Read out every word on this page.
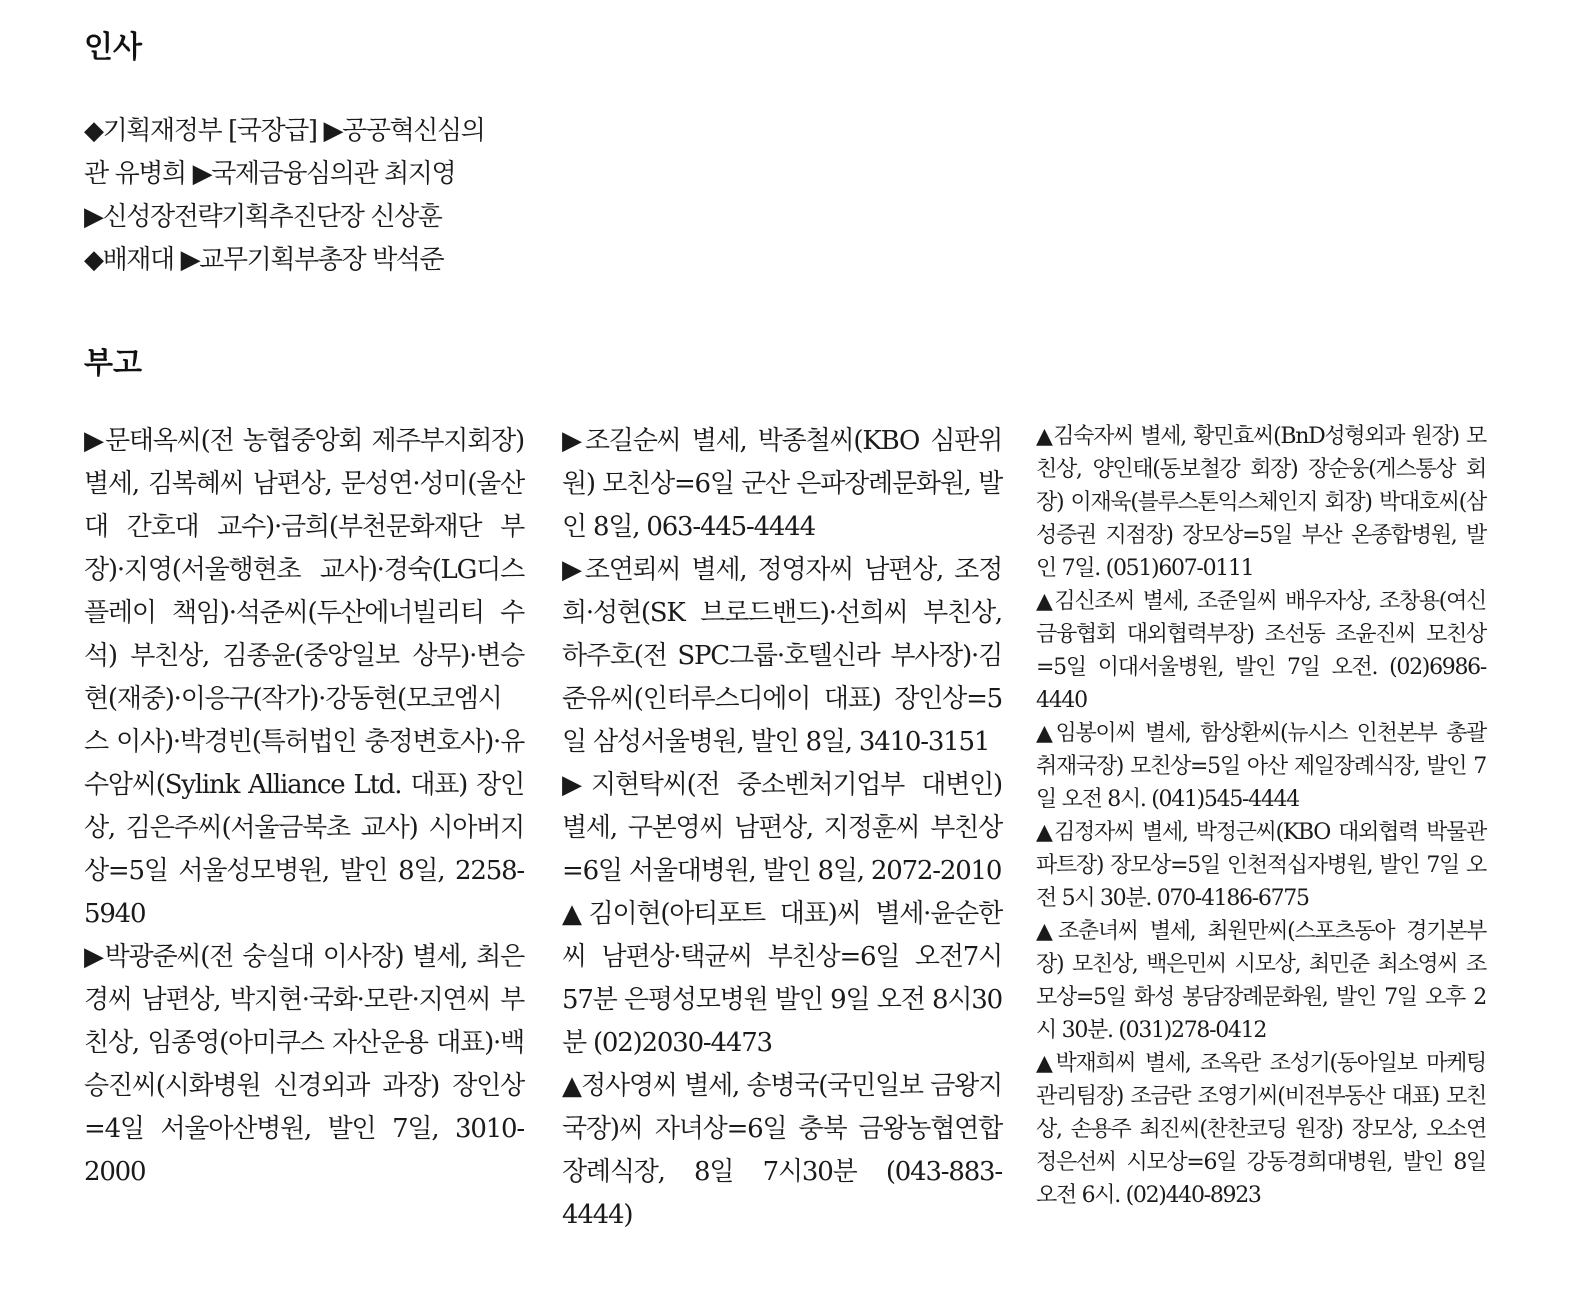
인사
◆기획재정부 [국장급] ▶공공혁신심의
관 유병희 ▶국제금융심의관 최지영
▶신성장전략기획추진단장 신상훈
◆배재대 ▶교무기획부총장 박석준
부고

▶문태옥씨(전 농협중앙회 제주부지회장) 별세, 김복혜씨 남편상, 문성연·성미(울산대 간호대 교수)·금희(부천문화재단 부장)·지영(서울행현초 교사)·경숙(LG디스플레이 책임)·석준씨(두산에너빌리티 수석) 부친상, 김종윤(중앙일보 상무)·변승현(재중)·이응구(작가)·강동현(모코엠시스 이사)·박경빈(특허법인 충정변호사)·유수암씨(Sylink Alliance Ltd. 대표) 장인상, 김은주씨(서울금북초 교사) 시아버지상=5일 서울성모병원, 발인 8일, 2258-5940

▶박광준씨(전 숭실대 이사장) 별세, 최은경씨 남편상, 박지현·국화·모란·지연씨 부친상, 임종영(아미쿠스 자산운용 대표)·백승진씨(시화병원 신경외과 과장) 장인상=4일 서울아산병원, 발인 7일, 3010-2000

▶조길순씨 별세, 박종철씨(KBO 심판위원) 모친상=6일 군산 은파장례문화원, 발인 8일, 063-445-4444

▶조연뢰씨 별세, 정영자씨 남편상, 조정희·성현(SK 브로드밴드)·선희씨 부친상, 하주호(전 SPC그룹·호텔신라 부사장)·김준유씨(인터루스디에이 대표) 장인상=5일 삼성서울병원, 발인 8일, 3410-3151

▶지현탁씨(전 중소벤처기업부 대변인) 별세, 구본영씨 남편상, 지정훈씨 부친상=6일 서울대병원, 발인 8일, 2072-2010

▲김이현(아티포트 대표)씨 별세·윤순한씨 남편상·택균씨 부친상=6일 오전7시57분 은평성모병원 발인 9일 오전 8시30분 (02)2030-4473

▲정사영씨 별세, 송병국(국민일보 금왕지국장)씨 자녀상=6일 충북 금왕농협연합장례식장, 8일 7시30분 (043-883-4444)

▲김숙자씨 별세, 황민효씨(BnD성형외과 원장) 모친상, 양인태(동보철강 회장) 장순웅(게스통상 회장) 이재욱(블루스톤익스체인지 회장) 박대호씨(삼성증권 지점장) 장모상=5일 부산 온종합병원, 발인 7일. (051)607-0111

▲김신조씨 별세, 조준일씨 배우자상, 조창용(여신금융협회 대외협력부장) 조선동 조윤진씨 모친상=5일 이대서울병원, 발인 7일 오전. (02)6986-4440

▲임봉이씨 별세, 함상환씨(뉴시스 인천본부 총괄취재국장) 모친상=5일 아산 제일장례식장, 발인 7일 오전 8시. (041)545-4444

▲김정자씨 별세, 박정근씨(KBO 대외협력 박물관 파트장) 장모상=5일 인천적십자병원, 발인 7일 오전 5시 30분. 070-4186-6775

▲조춘녀씨 별세, 최원만씨(스포츠동아 경기본부장) 모친상, 백은민씨 시모상, 최민준 최소영씨 조모상=5일 화성 봉담장례문화원, 발인 7일 오후 2시 30분. (031)278-0412

▲박재희씨 별세, 조옥란 조성기(동아일보 마케팅관리팀장) 조금란 조영기씨(비전부동산 대표) 모친상, 손용주 최진씨(찬찬코딩 원장) 장모상, 오소연 정은선씨 시모상=6일 강동경희대병원, 발인 8일 오전 6시. (02)440-8923
